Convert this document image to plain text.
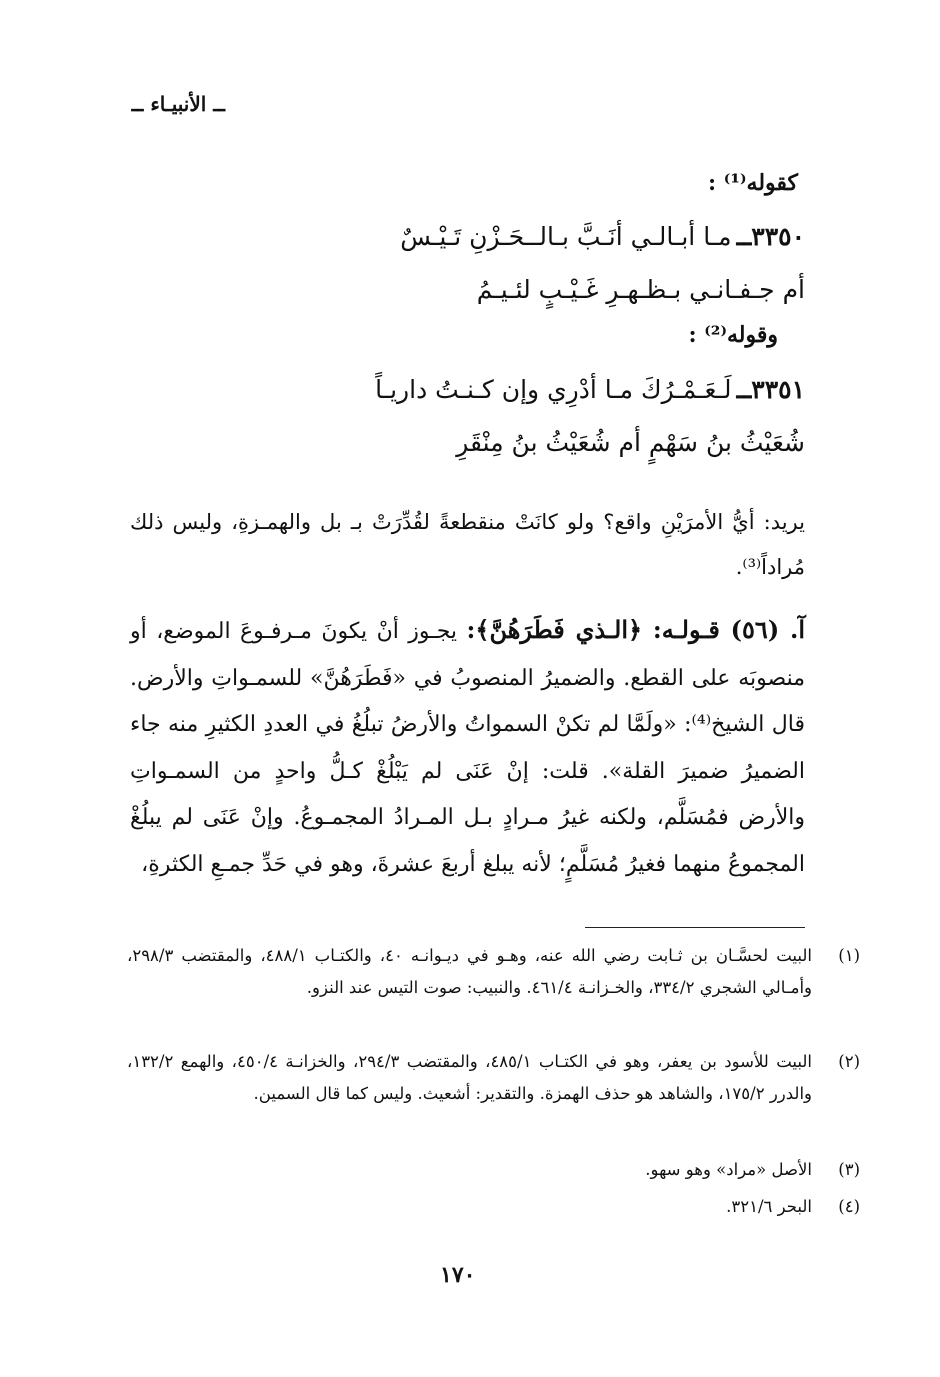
ــ الأنبيـاء ــ
كقوله⁽¹⁾ :
٣٣٥٠ــ مـا أبـالـي أنَـبَّ بـالــحَـزْنِ تَـيْـسٌ
أم جـفـانـي بـظـهـرِ غَـيْـبٍ لئـيـمُ
وقوله⁽²⁾ :
٣٣٥١ــ لَـعَـمْـرُكَ مـا أدْرِي وإن كـنـتُ داريـاً
شُعَيْثُ بنُ سَهْمٍ أم شُعَيْثُ بنُ مِنْقَرِ
يريد: أيُّ الأمرَيْنِ واقع؟ ولو كانَتْ منقطعةً لقُدِّرَتْ بـ بل والهمـزةِ، وليس ذلك مُراداً⁽³⁾.
آ. (٥٦) قـولـه: ﴿الـذي فَطَرَهُنَّ﴾: يجـوز أنْ يكونَ مـرفـوعَ الموضع، أو منصوبَه على القطع. والضميرُ المنصوبُ في «فَطَرَهُنَّ» للسمـواتِ والأرض. قال الشيخ⁽⁴⁾: «ولَمَّا لم تكنْ السمواتُ والأرضُ تبلُغُ في العددِ الكثيرِ منه جاء الضميرُ ضميرَ القلة». قلت: إنْ عَنَى لم يَبْلُغْ كـلُّ واحدٍ من السمـواتِ والأرض فمُسَلَّم، ولكنه غيرُ مـرادٍ بـل المـرادُ المجمـوعُ. وإنْ عَنَى لم يبلُغْ المجموعُ منهما فغيرُ مُسَلَّمٍ؛ لأنه يبلغ أربعَ عشرةَ، وهو في حَدِّ جمـعِ الكثرةِ،
(١)
البيت لحسَّـان بن ثـابت رضي الله عنه، وهـو في ديـوانـه ٤٠، والكتـاب ٤٨٨/١، والمقتضب ٢٩٨/٣، وأمـالي الشجري ٣٣٤/٢، والخـزانـة ٤٦١/٤. والنبيب: صوت التيس عند النزو.
(٢)
البيت للأسود بن يعفر، وهو في الكتـاب ٤٨٥/١، والمقتضب ٢٩٤/٣، والخزانـة ٤٥٠/٤، والهمع ١٣٢/٢، والدرر ١٧٥/٢، والشاهد هو حذف الهمزة. والتقدير: أشعيث. وليس كما قال السمين.
(٣)
الأصل «مراد» وهو سهو.
(٤)
البحر ٣٢١/٦.
١٧٠
